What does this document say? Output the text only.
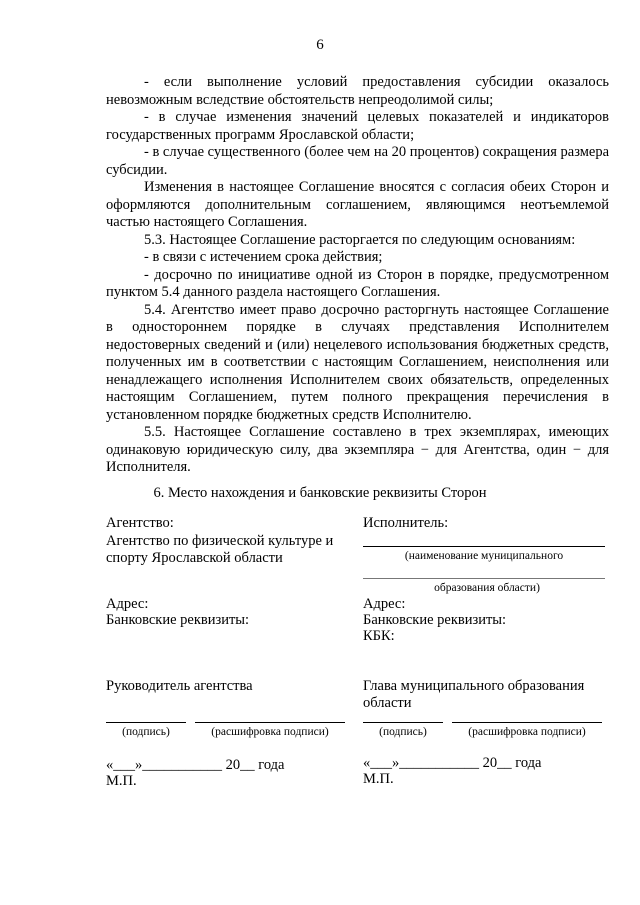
6

- если выполнение условий предоставления субсидии оказалось невозможным вследствие обстоятельств непреодолимой силы;

- в случае изменения значений целевых показателей и индикаторов государственных программ Ярославской области;

- в случае существенного (более чем на 20 процентов) сокращения размера субсидии.

Изменения в настоящее Соглашение вносятся с согласия обеих Сторон и оформляются дополнительным соглашением, являющимся неотъемлемой частью настоящего Соглашения.

5.3. Настоящее Соглашение расторгается по следующим основаниям:

- в связи с истечением срока действия;

- досрочно по инициативе одной из Сторон в порядке, предусмотренном пунктом 5.4 данного раздела настоящего Соглашения.

5.4. Агентство имеет право досрочно расторгнуть настоящее Соглашение в одностороннем порядке в случаях представления Исполнителем недостоверных сведений и (или) нецелевого использования бюджетных средств, полученных им в соответствии с настоящим Соглашением, неисполнения или ненадлежащего исполнения Исполнителем своих обязательств, определенных настоящим Соглашением, путем полного прекращения перечисления в установленном порядке бюджетных средств Исполнителю.

5.5. Настоящее Соглашение составлено в трех экземплярах, имеющих одинаковую юридическую силу, два экземпляра − для Агентства, один − для Исполнителя.

6. Место нахождения и банковские реквизиты Сторон
Агентство:
Агентство по физической культуре и
спорту Ярославской области
Адрес:
Банковские реквизиты:
Руководитель агентства
(подпись)	(расшифровка подписи)
«___»___________ 20__ года
М.П.
Исполнитель:
(наименование муниципального
образования области)
Адрес:
Банковские реквизиты:
КБК:
Глава муниципального образования
области
(подпись)	(расшифровка подписи)
«___»___________ 20__ года
М.П.
